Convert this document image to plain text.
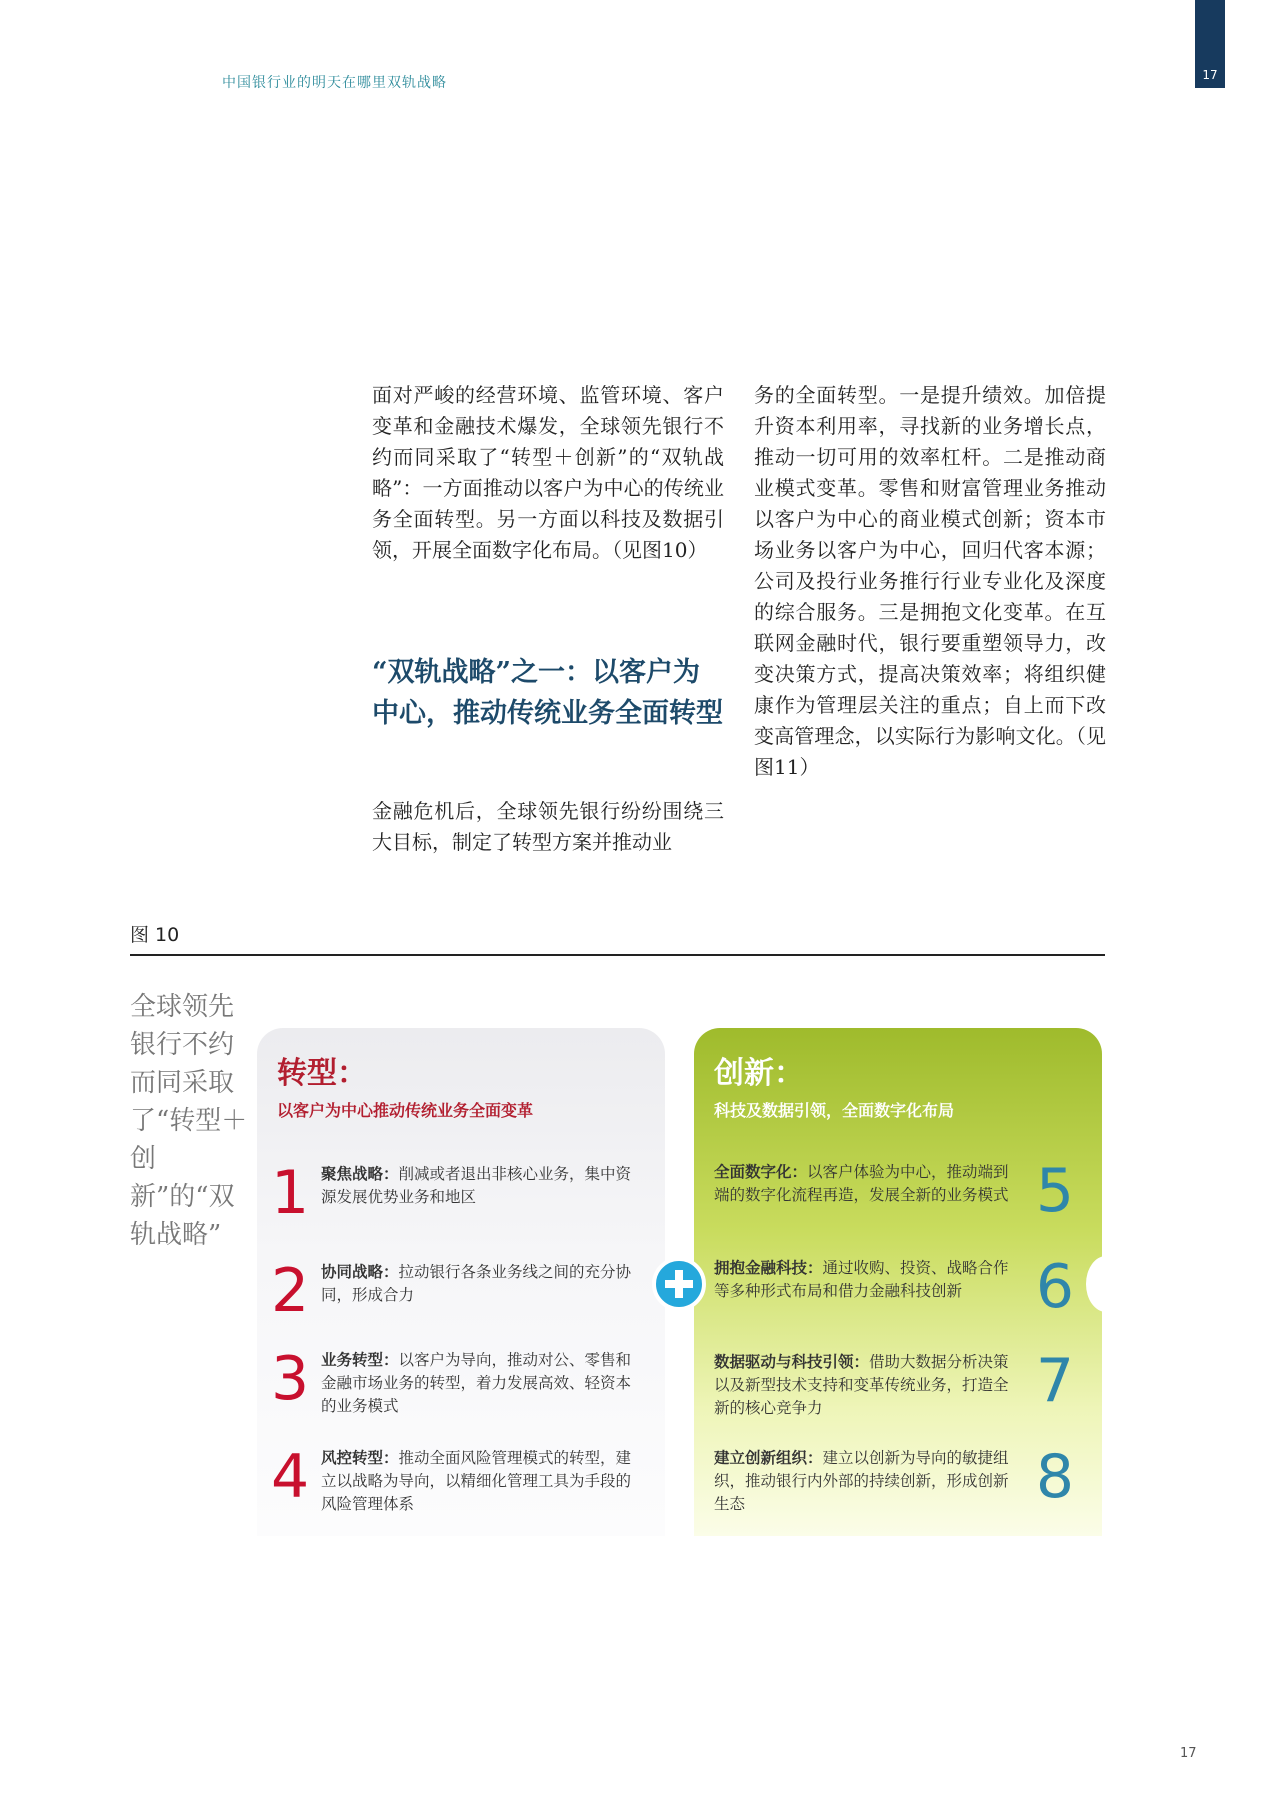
17
中国银行业的明天在哪里双轨战略
面对严峻的经营环境、监管环境、客户变革和金融技术爆发，全球领先银行不约而同采取了“转型＋创新”的“双轨战略”：一方面推动以客户为中心的传统业务全面转型。另一方面以科技及数据引领，开展全面数字化布局。（见图10）
“双轨战略”之一：以客户为中心，推动传统业务全面转型
金融危机后，全球领先银行纷纷围绕三大目标，制定了转型方案并推动业
务的全面转型。一是提升绩效。加倍提升资本利用率，寻找新的业务增长点，推动一切可用的效率杠杆。二是推动商业模式变革。零售和财富管理业务推动以客户为中心的商业模式创新；资本市场业务以客户为中心，回归代客本源；公司及投行业务推行行业专业化及深度的综合服务。三是拥抱文化变革。在互联网金融时代，银行要重塑领导力，改变决策方式，提高决策效率；将组织健康作为管理层关注的重点；自上而下改变高管理念，以实际行为影响文化。（见图11）
图 10
全球领先银行不约而同采取了“转型＋创新”的“双轨战略”
转型：
以客户为中心推动传统业务全面变革
1 聚焦战略：削减或者退出非核心业务，集中资源发展优势业务和地区
2 协同战略：拉动银行各条业务线之间的充分协同，形成合力
3 业务转型：以客户为导向，推动对公、零售和金融市场业务的转型，着力发展高效、轻资本的业务模式
4 风控转型：推动全面风险管理模式的转型，建立以战略为导向，以精细化管理工具为手段的风险管理体系
创新：
科技及数据引领，全面数字化布局
全面数字化：以客户体验为中心，推动端到端的数字化流程再造，发展全新的业务模式 5
拥抱金融科技：通过收购、投资、战略合作等多种形式布局和借力金融科技创新	6
数据驱动与科技引领：借助大数据分析决策以及新型技术支持和变革传统业务，打造全新的核心竞争力	7
建立创新组织：建立以创新为导向的敏捷组织，推动银行内外部的持续创新，形成创新生态	8
17
